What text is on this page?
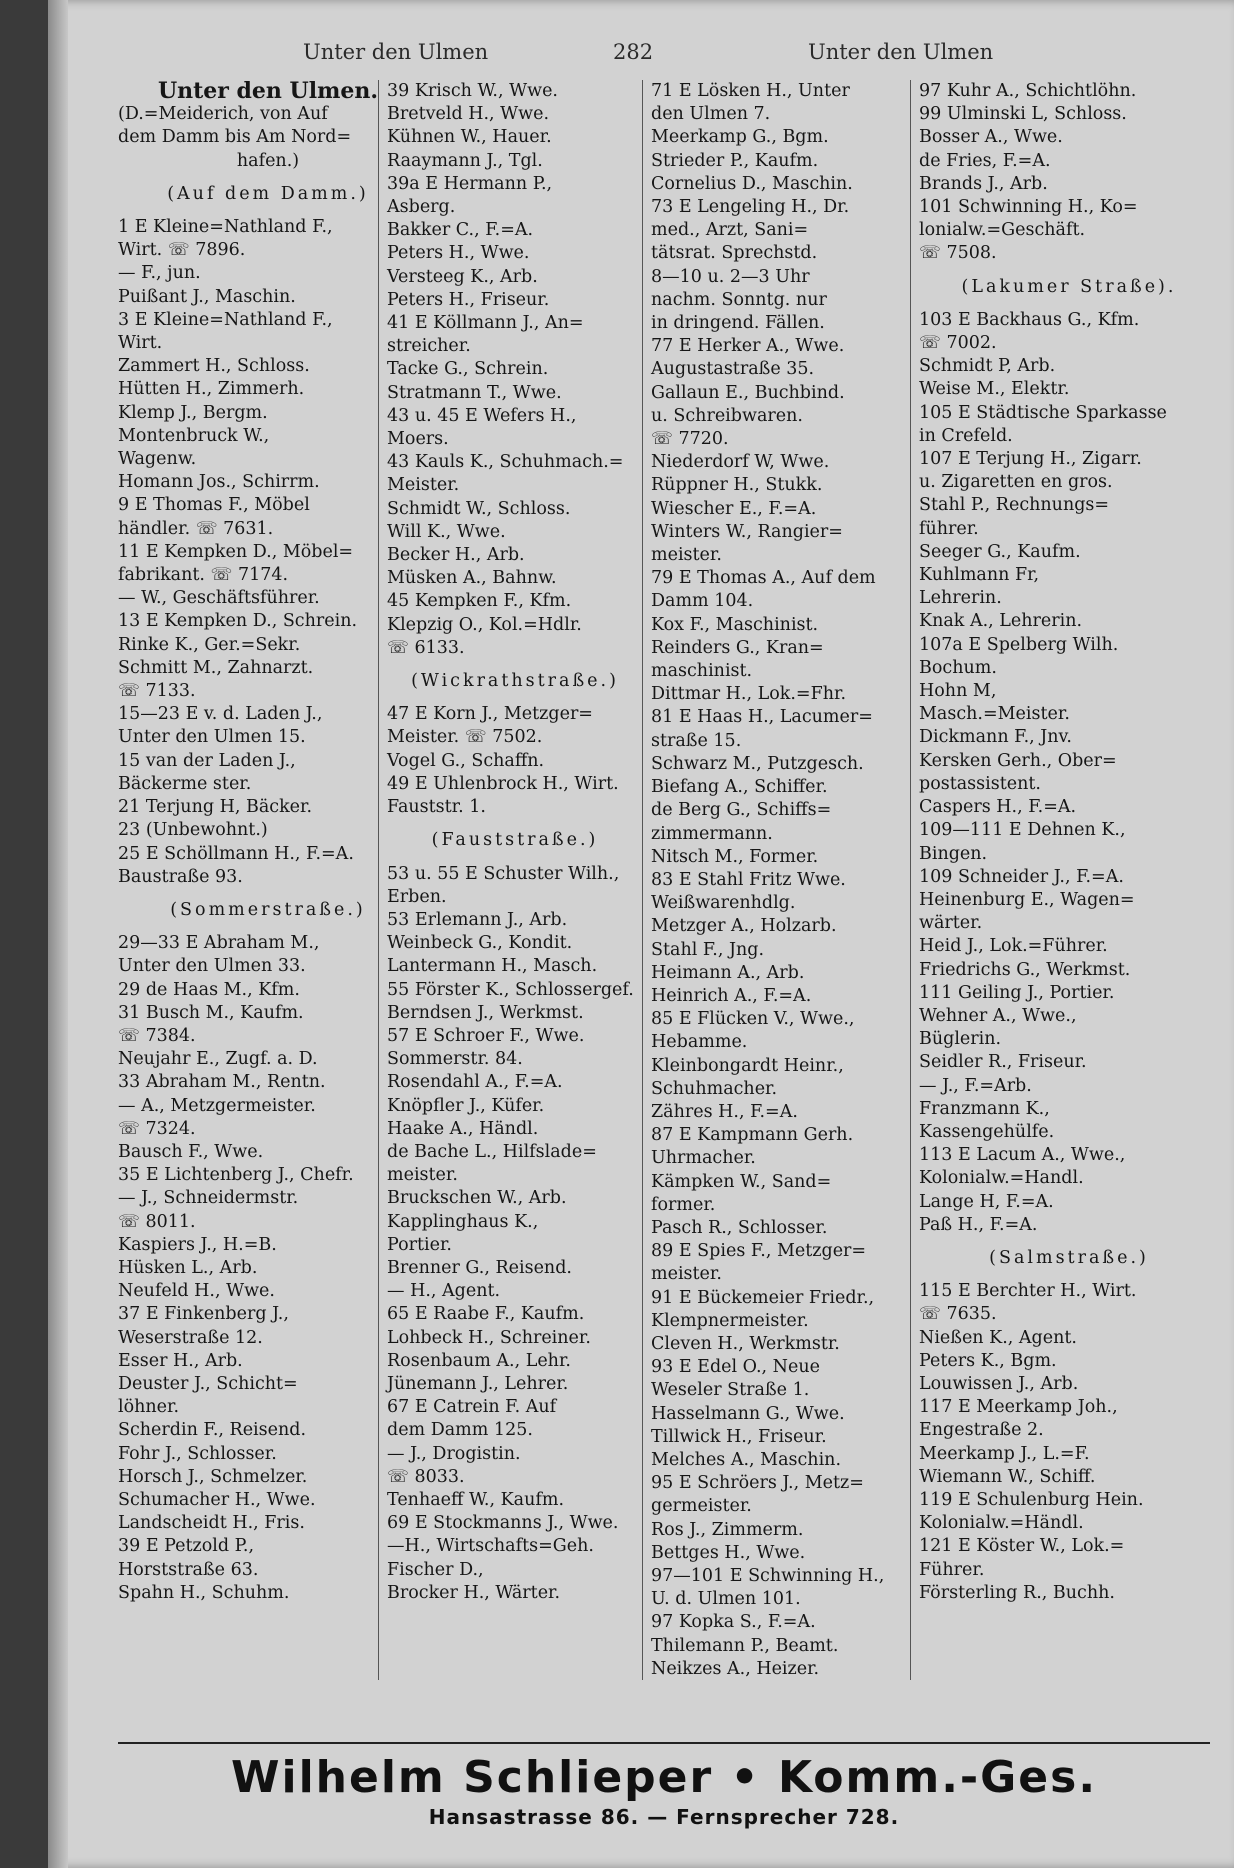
Unter den Ulmen	282	Unter den Ulmen
Unter den Ulmen.
(D.=Meiderich, von Auf
dem Damm bis Am Nord=
hafen.)
(Auf dem Damm.)
1 E Kleine=Nathland F.,
Wirt. ☏ 7896.
— F., jun.
Puißant J., Maschin.
3 E Kleine=Nathland F.,
Wirt.
Zammert H., Schloss.
Hütten H., Zimmerh.
Klemp J., Bergm.
Montenbruck W.,
Wagenw.
Homann Jos., Schirrm.
9 E Thomas F., Möbel
händler. ☏ 7631.
11 E Kempken D., Möbel=
fabrikant. ☏ 7174.
— W., Geschäftsführer.
13 E Kempken D., Schrein.
Rinke K., Ger.=Sekr.
Schmitt M., Zahnarzt.
☏ 7133.
15—23 E v. d. Laden J.,
Unter den Ulmen 15.
15 van der Laden J.,
Bäckerme ster.
21 Terjung H, Bäcker.
23 (Unbewohnt.)
25 E Schöllmann H., F.=A.
Baustraße 93.
(Sommerstraße.)
29—33 E Abraham M.,
Unter den Ulmen 33.
29 de Haas M., Kfm.
31 Busch M., Kaufm.
☏ 7384.
Neujahr E., Zugf. a. D.
33 Abraham M., Rentn.
— A., Metzgermeister.
☏ 7324.
Bausch F., Wwe.
35 E Lichtenberg J., Chefr.
— J., Schneidermstr.
☏ 8011.
Kaspiers J., H.=B.
Hüsken L., Arb.
Neufeld H., Wwe.
37 E Finkenberg J.,
Weserstraße 12.
Esser H., Arb.
Deuster J., Schicht=
löhner.
Scherdin F., Reisend.
Fohr J., Schlosser.
Horsch J., Schmelzer.
Schumacher H., Wwe.
Landscheidt H., Fris.
39 E Petzold P.,
Horststraße 63.
Spahn H., Schuhm.
39 Krisch W., Wwe.
Bretveld H., Wwe.
Kühnen W., Hauer.
Raaymann J., Tgl.
39a E Hermann P.,
Asberg.
Bakker C., F.=A.
Peters H., Wwe.
Versteeg K., Arb.
Peters H., Friseur.
41 E Köllmann J., An=
streicher.
Tacke G., Schrein.
Stratmann T., Wwe.
43 u. 45 E Wefers H.,
Moers.
43 Kauls K., Schuhmach.=
Meister.
Schmidt W., Schloss.
Will K., Wwe.
Becker H., Arb.
Müsken A., Bahnw.
45 Kempken F., Kfm.
Klepzig O., Kol.=Hdlr.
☏ 6133.
(Wickrathstraße.)
47 E Korn J., Metzger=
Meister. ☏ 7502.
Vogel G., Schaffn.
49 E Uhlenbrock H., Wirt.
Fauststr. 1.
(Fauststraße.)
53 u. 55 E Schuster Wilh.,
Erben.
53 Erlemann J., Arb.
Weinbeck G., Kondit.
Lantermann H., Masch.
55 Förster K., Schlossergef.
Berndsen J., Werkmst.
57 E Schroer F., Wwe.
Sommerstr. 84.
Rosendahl A., F.=A.
Knöpfler J., Küfer.
Haake A., Händl.
de Bache L., Hilfslade=
meister.
Bruckschen W., Arb.
Kapplinghaus K.,
Portier.
Brenner G., Reisend.
— H., Agent.
65 E Raabe F., Kaufm.
Lohbeck H., Schreiner.
Rosenbaum A., Lehr.
Jünemann J., Lehrer.
67 E Catrein F. Auf
dem Damm 125.
— J., Drogistin.
☏ 8033.
Tenhaeff W., Kaufm.
69 E Stockmanns J., Wwe.
—H., Wirtschafts=Geh.
Fischer D.,
Brocker H., Wärter.
71 E Lösken H., Unter
den Ulmen 7.
Meerkamp G., Bgm.
Strieder P., Kaufm.
Cornelius D., Maschin.
73 E Lengeling H., Dr.
med., Arzt, Sani=
tätsrat. Sprechstd.
8—10 u. 2—3 Uhr
nachm. Sonntg. nur
in dringend. Fällen.
77 E Herker A., Wwe.
Augustastraße 35.
Gallaun E., Buchbind.
u. Schreibwaren.
☏ 7720.
Niederdorf W, Wwe.
Rüppner H., Stukk.
Wiescher E., F.=A.
Winters W., Rangier=
meister.
79 E Thomas A., Auf dem
Damm 104.
Kox F., Maschinist.
Reinders G., Kran=
maschinist.
Dittmar H., Lok.=Fhr.
81 E Haas H., Lacumer=
straße 15.
Schwarz M., Putzgesch.
Biefang A., Schiffer.
de Berg G., Schiffs=
zimmermann.
Nitsch M., Former.
83 E Stahl Fritz Wwe.
Weißwarenhdlg.
Metzger A., Holzarb.
Stahl F., Jng.
Heimann A., Arb.
Heinrich A., F.=A.
85 E Flücken V., Wwe.,
Hebamme.
Kleinbongardt Heinr.,
Schuhmacher.
Zähres H., F.=A.
87 E Kampmann Gerh.
Uhrmacher.
Kämpken W., Sand=
former.
Pasch R., Schlosser.
89 E Spies F., Metzger=
meister.
91 E Bückemeier Friedr.,
Klempnermeister.
Cleven H., Werkmstr.
93 E Edel O., Neue
Weseler Straße 1.
Hasselmann G., Wwe.
Tillwick H., Friseur.
Melches A., Maschin.
95 E Schröers J., Metz=
germeister.
Ros J., Zimmerm.
Bettges H., Wwe.
97—101 E Schwinning H.,
U. d. Ulmen 101.
97 Kopka S., F.=A.
Thilemann P., Beamt.
Neikzes A., Heizer.
97 Kuhr A., Schichtlöhn.
99 Ulminski L, Schloss.
Bosser A., Wwe.
de Fries, F.=A.
Brands J., Arb.
101 Schwinning H., Ko=
lonialw.=Geschäft.
☏ 7508.
(Lakumer Straße).
103 E Backhaus G., Kfm.
☏ 7002.
Schmidt P, Arb.
Weise M., Elektr.
105 E Städtische Sparkasse
in Crefeld.
107 E Terjung H., Zigarr.
u. Zigaretten en gros.
Stahl P., Rechnungs=
führer.
Seeger G., Kaufm.
Kuhlmann Fr,
Lehrerin.
Knak A., Lehrerin.
107a E Spelberg Wilh.
Bochum.
Hohn M,
Masch.=Meister.
Dickmann F., Jnv.
Kersken Gerh., Ober=
postassistent.
Caspers H., F.=A.
109—111 E Dehnen K.,
Bingen.
109 Schneider J., F.=A.
Heinenburg E., Wagen=
wärter.
Heid J., Lok.=Führer.
Friedrichs G., Werkmst.
111 Geiling J., Portier.
Wehner A., Wwe.,
Büglerin.
Seidler R., Friseur.
— J., F.=Arb.
Franzmann K.,
Kassengehülfe.
113 E Lacum A., Wwe.,
Kolonialw.=Handl.
Lange H, F.=A.
Paß H., F.=A.
(Salmstraße.)
115 E Berchter H., Wirt.
☏ 7635.
Nießen K., Agent.
Peters K., Bgm.
Louwissen J., Arb.
117 E Meerkamp Joh.,
Engestraße 2.
Meerkamp J., L.=F.
Wiemann W., Schiff.
119 E Schulenburg Hein.
Kolonialw.=Händl.
121 E Köster W., Lok.=
Führer.
Försterling R., Buchh.
Wilhelm Schlieper • Komm.-Ges.
Hansastrasse 86. — Fernsprecher 728.
